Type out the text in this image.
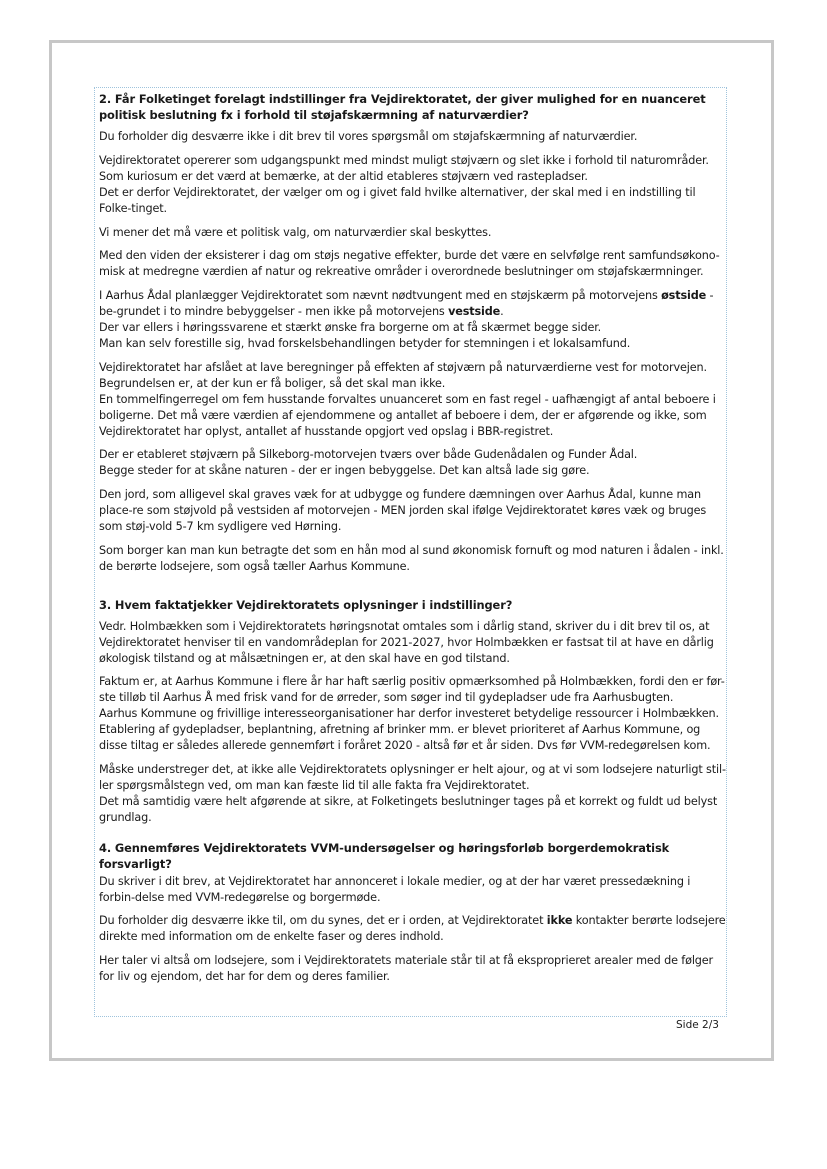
2. Får Folketinget forelagt indstillinger fra Vejdirektoratet, der giver mulighed for en nuanceret politisk beslutning fx i forhold til støjafskærmning af naturværdier?

Du forholder dig desværre ikke i dit brev til vores spørgsmål om støjafskærmning af naturværdier.

Vejdirektoratet opererer som udgangspunkt med mindst muligt støjværn og slet ikke i forhold til naturområder.
Som kuriosum er det værd at bemærke, at der altid etableres støjværn ved rastepladser.
Det er derfor Vejdirektoratet, der vælger om og i givet fald hvilke alternativer, der skal med i en indstilling til Folke-tinget.

Vi mener det må være et politisk valg, om naturværdier skal beskyttes.

Med den viden der eksisterer i dag om støjs negative effekter, burde det være en selvfølge rent samfundsøkono-misk at medregne værdien af natur og rekreative områder i overordnede beslutninger om støjafskærmninger.

I Aarhus Ådal planlægger Vejdirektoratet som nævnt nødtvungent med en støjskærm på motorvejens østside - be-grundet i to mindre bebyggelser - men ikke på motorvejens vestside.
Der var ellers i høringssvarene et stærkt ønske fra borgerne om at få skærmet begge sider.
Man kan selv forestille sig, hvad forskelsbehandlingen betyder for stemningen i et lokalsamfund.

Vejdirektoratet har afslået at lave beregninger på effekten af støjværn på naturværdierne vest for motorvejen.
Begrundelsen er, at der kun er få boliger, så det skal man ikke.
En tommelfingerregel om fem husstande forvaltes unuanceret som en fast regel - uafhængigt af antal beboere i boligerne. Det må være værdien af ejendommene og antallet af beboere i dem, der er afgørende og ikke, som Vejdirektoratet har oplyst, antallet af husstande opgjort ved opslag i BBR-registret.

Der er etableret støjværn på Silkeborg-motorvejen tværs over både Gudenådalen og Funder Ådal.
Begge steder for at skåne naturen - der er ingen bebyggelse. Det kan altså lade sig gøre.

Den jord, som alligevel skal graves væk for at udbygge og fundere dæmningen over Aarhus Ådal, kunne man place-re som støjvold på vestsiden af motorvejen - MEN jorden skal ifølge Vejdirektoratet køres væk og bruges som støj-vold 5-7 km sydligere ved Hørning.

Som borger kan man kun betragte det som en hån mod al sund økonomisk fornuft og mod naturen i ådalen - inkl. de berørte lodsejere, som også tæller Aarhus Kommune.

3. Hvem faktatjekker Vejdirektoratets oplysninger i indstillinger?

Vedr. Holmbækken som i Vejdirektoratets høringsnotat omtales som i dårlig stand, skriver du i dit brev til os, at Vejdirektoratet henviser til en vandområdeplan for 2021-2027, hvor Holmbækken er fastsat til at have en dårlig økologisk tilstand og at målsætningen er, at den skal have en god tilstand.

Faktum er, at Aarhus Kommune i flere år har haft særlig positiv opmærksomhed på Holmbækken, fordi den er før-ste tilløb til Aarhus Å med frisk vand for de ørreder, som søger ind til gydepladser ude fra Aarhusbugten.
Aarhus Kommune og frivillige interesseorganisationer har derfor investeret betydelige ressourcer i Holmbækken.
Etablering af gydepladser, beplantning, afretning af brinker mm. er blevet prioriteret af Aarhus Kommune, og disse tiltag er således allerede gennemført i foråret 2020 - altså før et år siden. Dvs før VVM-redegørelsen kom.

Måske understreger det, at ikke alle Vejdirektoratets oplysninger er helt ajour, og at vi som lodsejere naturligt stil-ler spørgsmålstegn ved, om man kan fæste lid til alle fakta fra Vejdirektoratet.
Det må samtidig være helt afgørende at sikre, at Folketingets beslutninger tages på et korrekt og fuldt ud belyst grundlag.

4. Gennemføres Vejdirektoratets VVM-undersøgelser og høringsforløb borgerdemokratisk forsvarligt?

Du skriver i dit brev, at Vejdirektoratet har annonceret i lokale medier, og at der har været pressedækning i forbin-delse med VVM-redegørelse og borgermøde.

Du forholder dig desværre ikke til, om du synes, det er i orden, at Vejdirektoratet ikke kontakter berørte lodsejere direkte med information om de enkelte faser og deres indhold.

Her taler vi altså om lodsejere, som i Vejdirektoratets materiale står til at få eksproprieret arealer med de følger for liv og ejendom, det har for dem og deres familier.

Side 2/3
